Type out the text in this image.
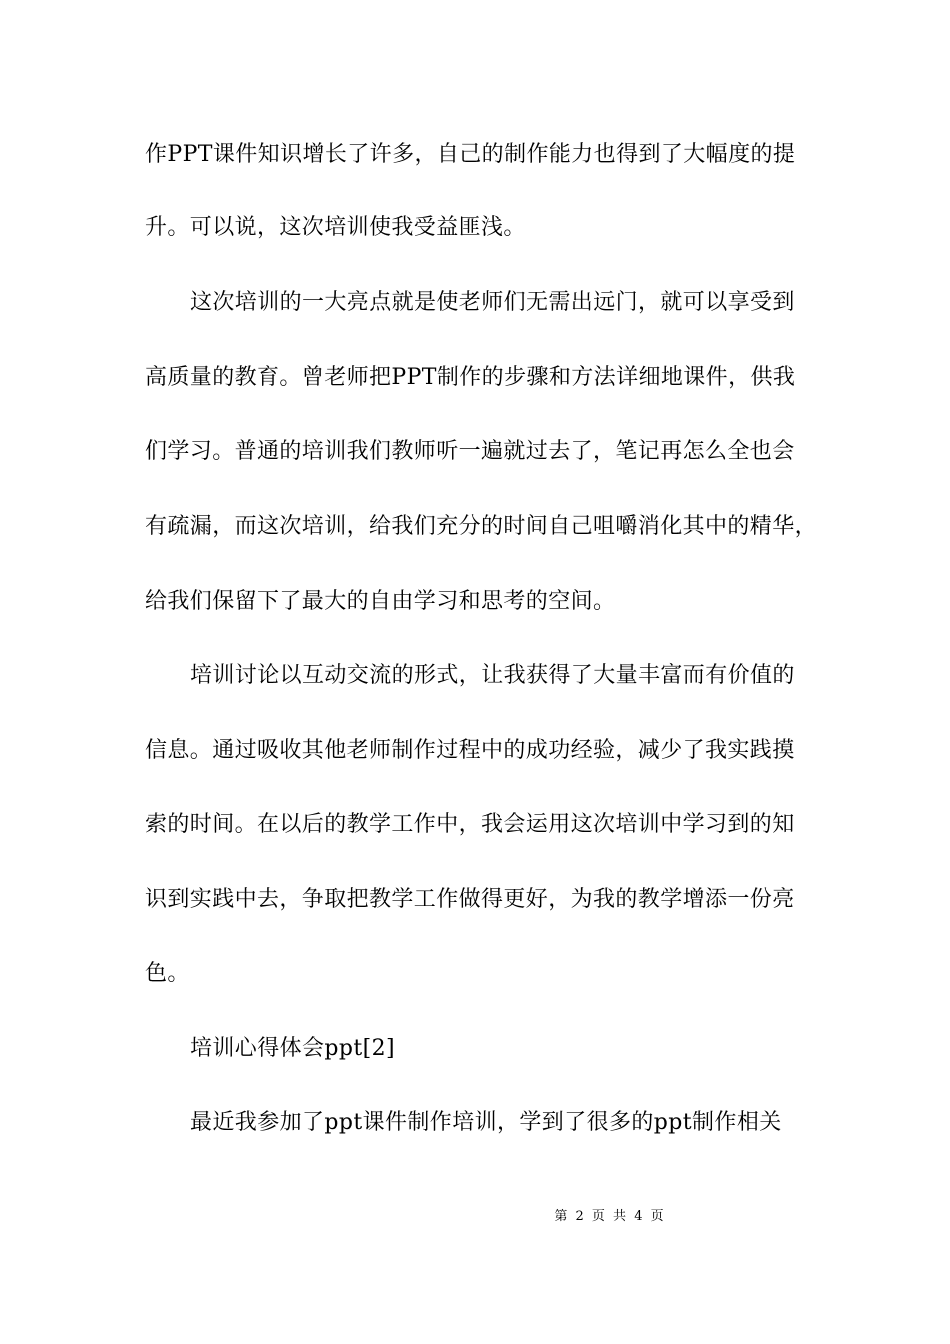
作PPT课件知识增长了许多，自己的制作能力也得到了大幅度的提
升。可以说，这次培训使我受益匪浅。
这次培训的一大亮点就是使老师们无需出远门，就可以享受到
高质量的教育。曾老师把PPT制作的步骤和方法详细地课件，供我
们学习。普通的培训我们教师听一遍就过去了，笔记再怎么全也会
有疏漏，而这次培训，给我们充分的时间自己咀嚼消化其中的精华，
给我们保留下了最大的自由学习和思考的空间。
培训讨论以互动交流的形式，让我获得了大量丰富而有价值的
信息。通过吸收其他老师制作过程中的成功经验，减少了我实践摸
索的时间。在以后的教学工作中，我会运用这次培训中学习到的知
识到实践中去，争取把教学工作做得更好，为我的教学增添一份亮
色。
培训心得体会ppt[2]
最近我参加了ppt课件制作培训，学到了很多的ppt制作相关
第 2 页 共 4 页
